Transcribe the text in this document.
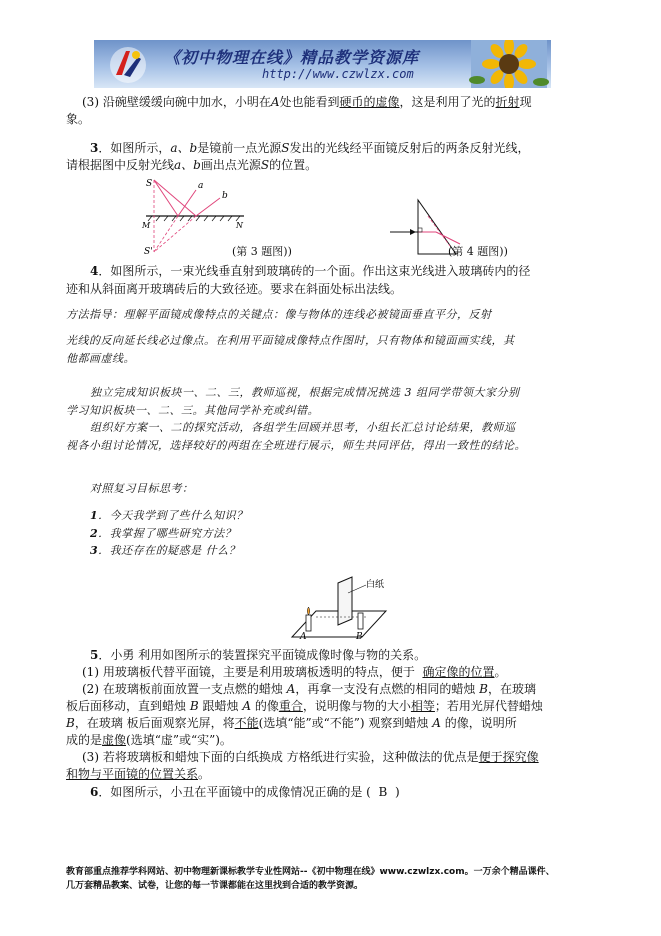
《初中物理在线》精品教学资源库
http://www.czwlzx.com
(3) 沿碗壁缓缓向碗中加水，小明在A处也能看到硬币的虚像，这是利用了光的折射现
象。
3．如图所示，a、b是镜前一点光源S发出的光线经平面镜反射后的两条反射光线，
请根据图中反射光线a、b画出点光源S的位置。
S
S'
M	N
a
b
(第 3 题图))	(第 4 题图))
4．如图所示，一束光线垂直射到玻璃砖的一个面。作出这束光线进入玻璃砖内的径
迹和从斜面离开玻璃砖后的大致径迹。要求在斜面处标出法线。
方法指导：理解平面镜成像特点的关键点：像与物体的连线必被镜面垂直平分，反射
光线的反向延长线必过像点。在利用平面镜成像特点作图时，只有物体和镜面画实线，其
他都画虚线。
独立完成知识板块一、二、三，教师巡视，根据完成情况挑选 3 组同学带领大家分别
学习知识板块一、二、三。其他同学补充或纠错。
组织好方案一、二的探究活动，各组学生回顾并思考，小组长汇总讨论结果，教师巡
视各小组讨论情况，选择较好的两组在全班进行展示，师生共同评估，得出一致性的结论。
对照复习目标思考：
1．今天我学到了些什么知识？
2．我掌握了哪些研究方法？
3．我还存在的疑惑是 什么？
白纸
A	B
5．小勇 利用如图所示的装置探究平面镜成像时像与物的关系。
(1) 用玻璃板代替平面镜，主要是利用玻璃板透明的特点，便于 确定像的位置。
(2) 在玻璃板前面放置一支点燃的蜡烛 A，再拿一支没有点燃的相同的蜡烛 B，在玻璃
板后面移动，直到蜡烛 B 跟蜡烛 A 的像重合，说明像与物的大小相等；若用光屏代替蜡烛
B，在玻璃 板后面观察光屏，将不能(选填“能”或“不能”) 观察到蜡烛 A 的像，说明所
成的是虚像(选填“虚”或“实”)。
(3) 若将玻璃板和蜡烛下面的白纸换成 方格纸进行实验，这种做法的优点是便于探究像
和物与平面镜的位置关系。
6．如图所示，小丑在平面镜中的成像情况正确的是 ( B )
教育部重点推荐学科网站、初中物理新课标教学专业性网站--《初中物理在线》www.czwlzx.com。一万余个精品课件、
几万套精品教案、试卷，让您的每一节课都能在这里找到合适的教学资源。
